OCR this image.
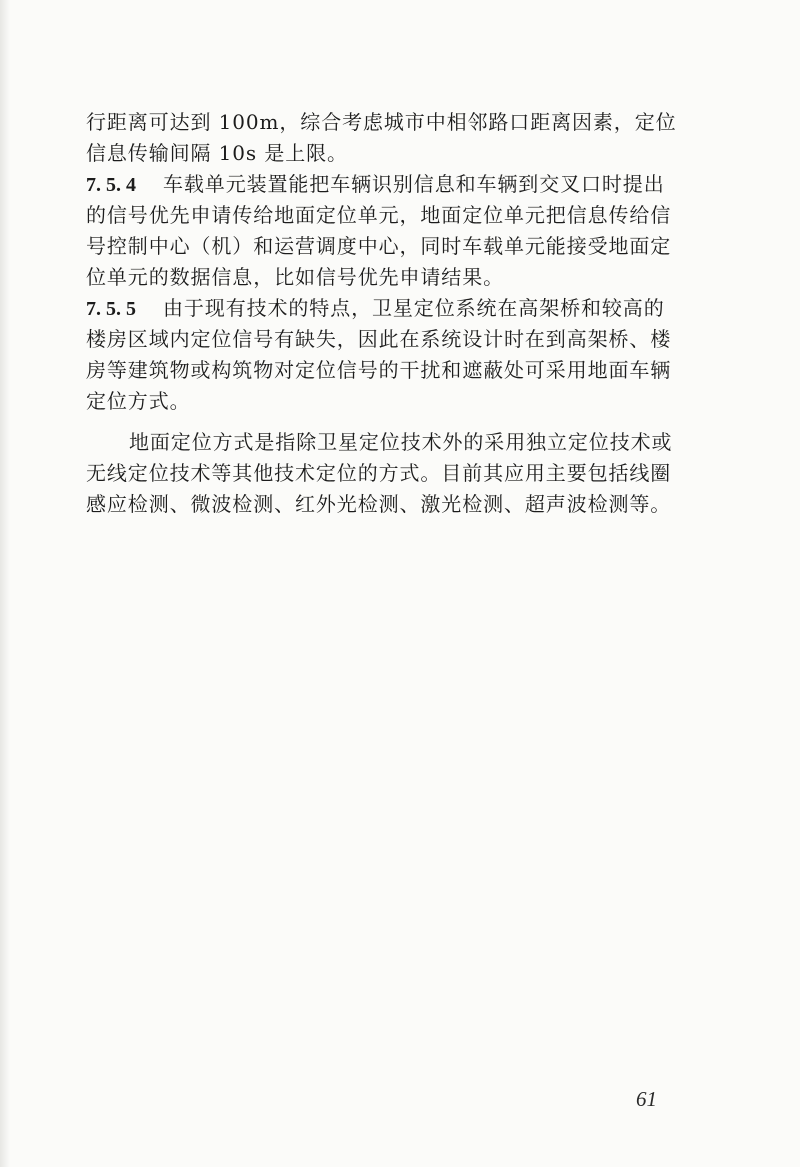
行距离可达到 100m，综合考虑城市中相邻路口距离因素，定位
信息传输间隔 10s 是上限。
7. 5. 4 车载单元装置能把车辆识别信息和车辆到交叉口时提出
的信号优先申请传给地面定位单元，地面定位单元把信息传给信
号控制中心（机）和运营调度中心，同时车载单元能接受地面定
位单元的数据信息，比如信号优先申请结果。
7. 5. 5 由于现有技术的特点，卫星定位系统在高架桥和较高的
楼房区域内定位信号有缺失，因此在系统设计时在到高架桥、楼
房等建筑物或构筑物对定位信号的干扰和遮蔽处可采用地面车辆
定位方式。
地面定位方式是指除卫星定位技术外的采用独立定位技术或
无线定位技术等其他技术定位的方式。目前其应用主要包括线圈
感应检测、微波检测、红外光检测、激光检测、超声波检测等。
61
